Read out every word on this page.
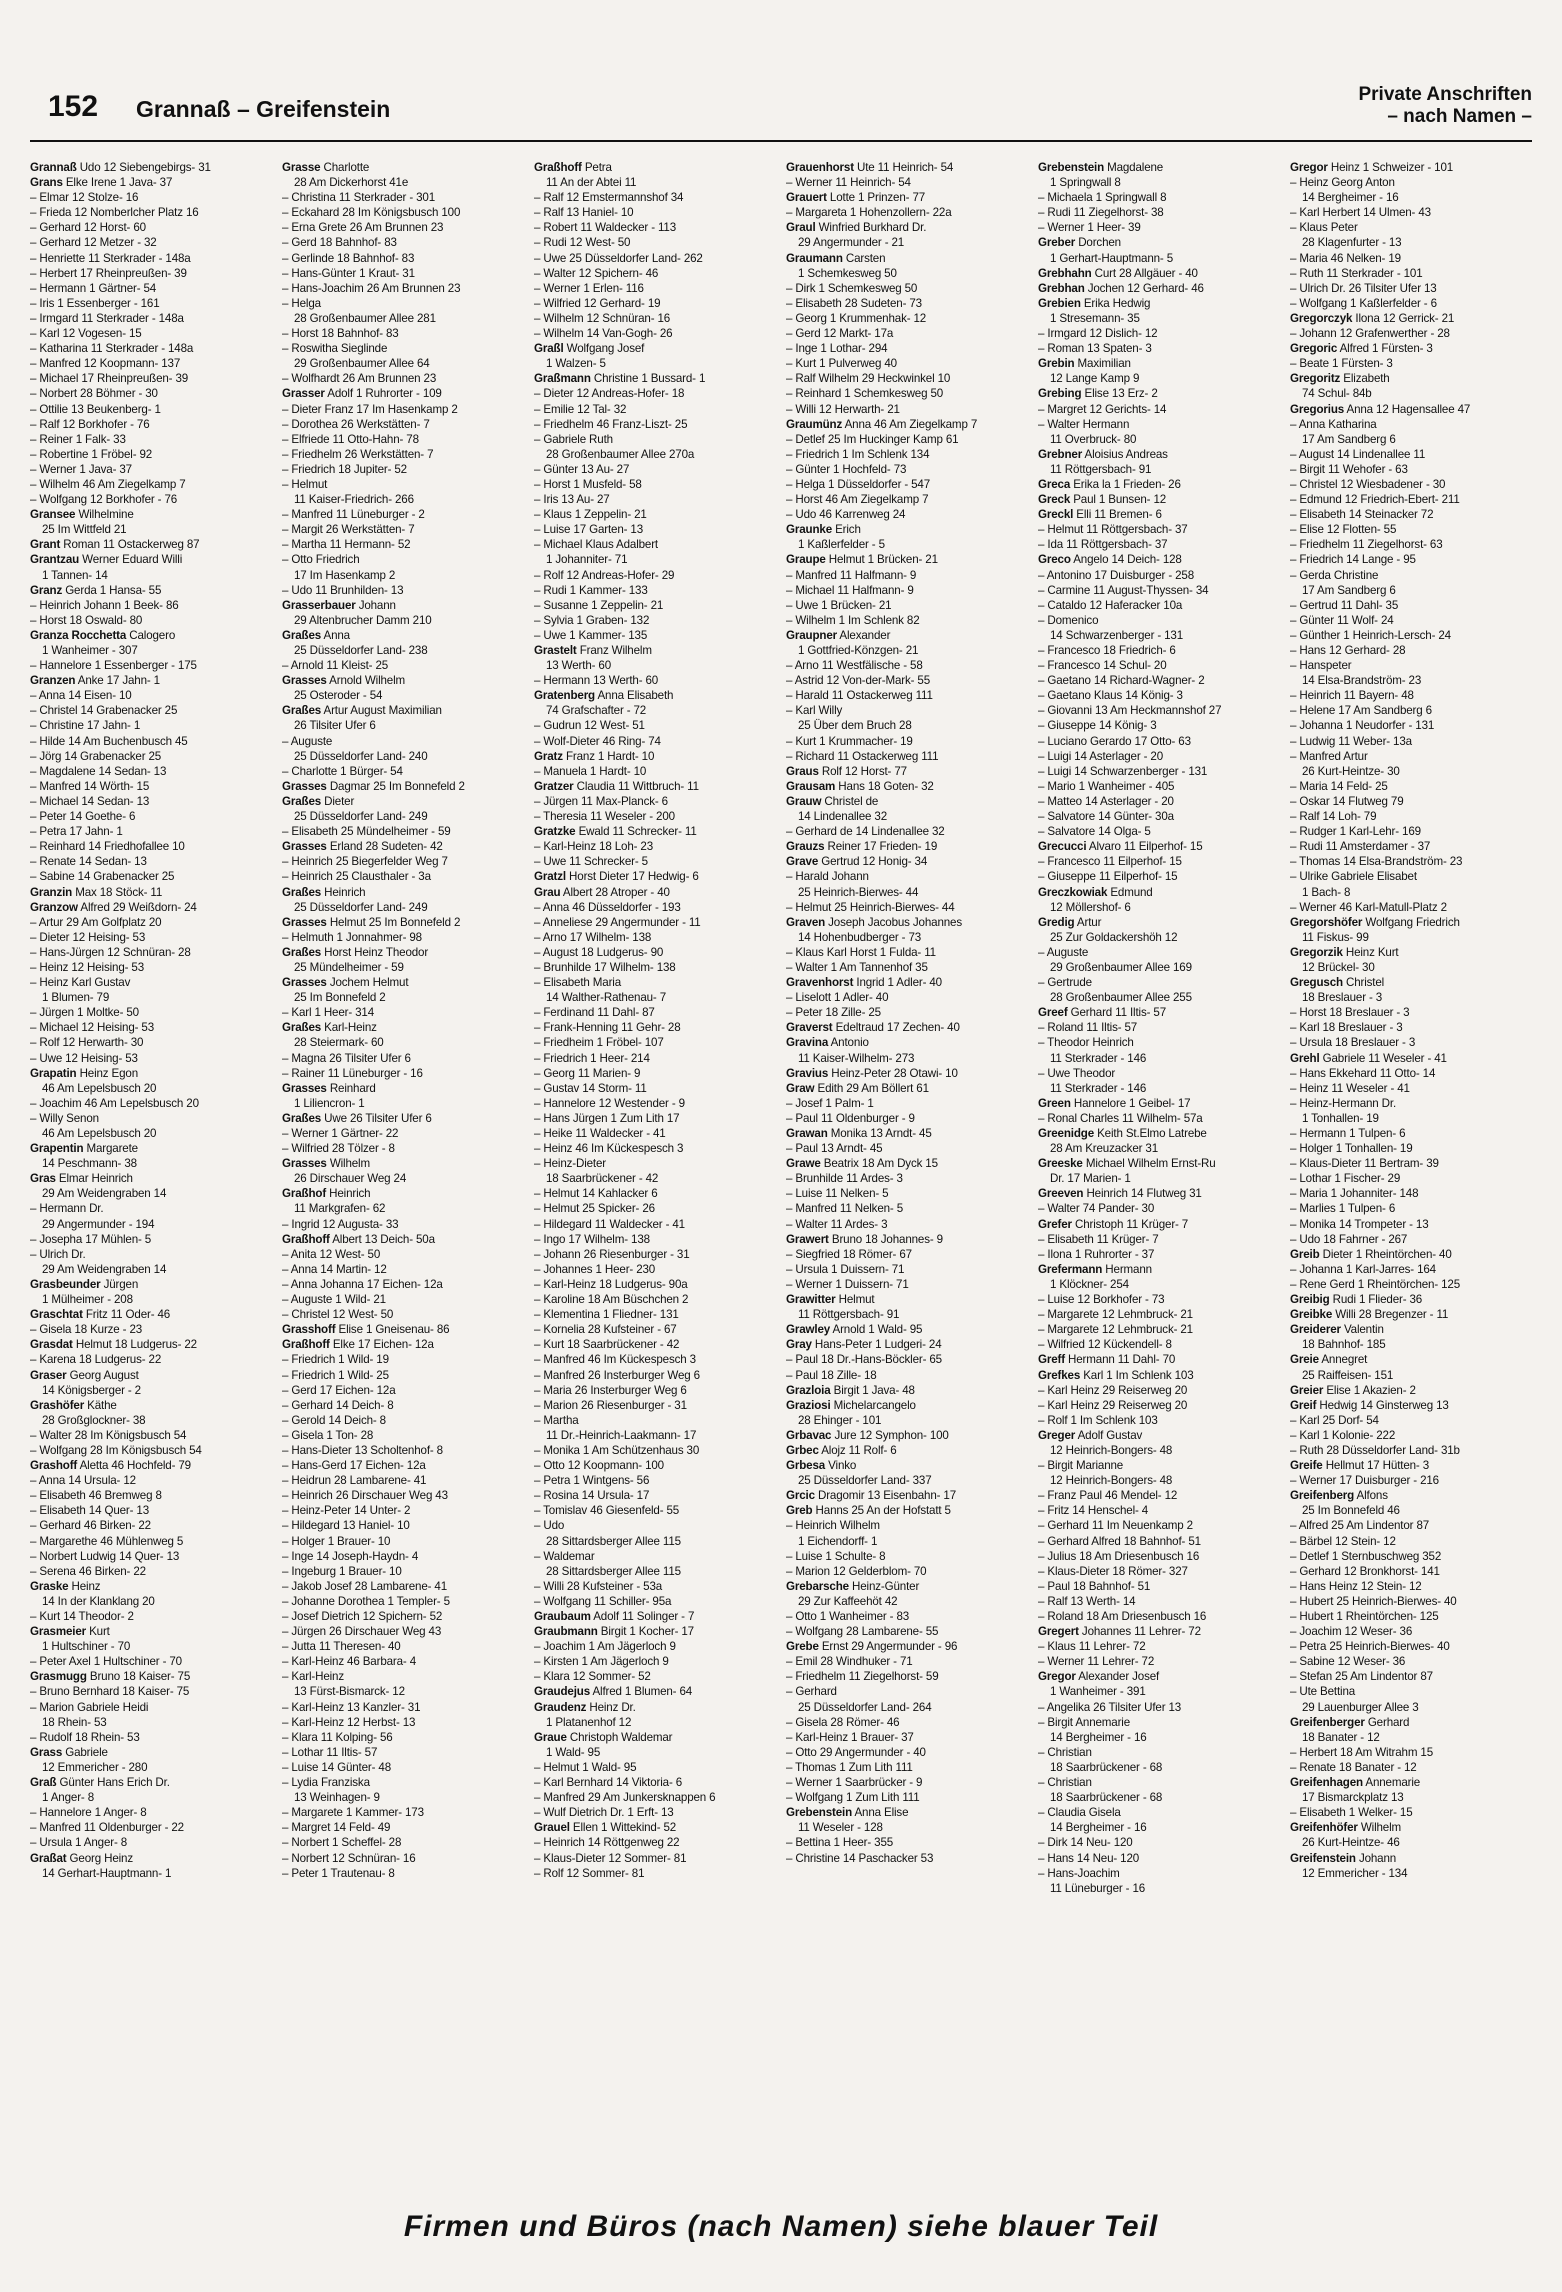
152 Grannaß – Greifenstein
Private Anschriften
– nach Namen –
Grannaß Udo 12 Siebengebirgs- 31
Grans Elke Irene 1 Java- 37
– Elmar 12 Stolze- 16
– Frieda 12 Nomberlcher Platz 16
– Gerhard 12 Horst- 60
– Gerhard 12 Metzer - 32
– Henriette 11 Sterkrader - 148a
– Herbert 17 Rheinpreußen- 39
– Hermann 1 Gärtner- 54
– Iris 1 Essenberger - 161
– Irmgard 11 Sterkrader - 148a
– Karl 12 Vogesen- 15
– Katharina 11 Sterkrader - 148a
– Manfred 12 Koopmann- 137
– Michael 17 Rheinpreußen- 39
– Norbert 28 Böhmer - 30
– Ottilie 13 Beukenberg- 1
– Ralf 12 Borkhofer - 76
– Reiner 1 Falk- 33
– Robertine 1 Fröbel- 92
– Werner 1 Java- 37
– Wilhelm 46 Am Ziegelkamp 7
– Wolfgang 12 Borkhofer - 76
Gransee Wilhelmine
25 Im Wittfeld 21
Grant Roman 11 Ostackerweg 87
Grantzau Werner Eduard Willi
1 Tannen- 14
Granz Gerda 1 Hansa- 55
– Heinrich Johann 1 Beek- 86
– Horst 18 Oswald- 80
Granza Rocchetta Calogero
1 Wanheimer - 307
– Hannelore 1 Essenberger - 175
Granzen Anke 17 Jahn- 1
– Anna 14 Eisen- 10
– Christel 14 Grabenacker 25
– Christine 17 Jahn- 1
– Hilde 14 Am Buchenbusch 45
– Jörg 14 Grabenacker 25
– Magdalene 14 Sedan- 13
– Manfred 14 Wörth- 15
– Michael 14 Sedan- 13
– Peter 14 Goethe- 6
– Petra 17 Jahn- 1
– Reinhard 14 Friedhofallee 10
– Renate 14 Sedan- 13
– Sabine 14 Grabenacker 25
Granzin Max 18 Stöck- 11
Granzow Alfred 29 Weißdorn- 24
– Artur 29 Am Golfplatz 20
– Dieter 12 Heising- 53
– Hans-Jürgen 12 Schnüran- 28
– Heinz 12 Heising- 53
– Heinz Karl Gustav
1 Blumen- 79
– Jürgen 1 Moltke- 50
– Michael 12 Heising- 53
– Rolf 12 Herwarth- 30
– Uwe 12 Heising- 53
Grapatin Heinz Egon
46 Am Lepelsbusch 20
– Joachim 46 Am Lepelsbusch 20
– Willy Senon
46 Am Lepelsbusch 20
Grapentin Margarete
14 Peschmann- 38
Gras Elmar Heinrich
29 Am Weidengraben 14
– Hermann Dr.
29 Angermunder - 194
– Josepha 17 Mühlen- 5
– Ulrich Dr.
29 Am Weidengraben 14
Grasbeunder Jürgen
1 Mülheimer - 208
Graschtat Fritz 11 Oder- 46
– Gisela 18 Kurze - 23
Grasdat Helmut 18 Ludgerus- 22
– Karena 18 Ludgerus- 22
Graser Georg August
14 Königsberger - 2
Grashöfer Käthe
28 Großglockner- 38
– Walter 28 Im Königsbusch 54
– Wolfgang 28 Im Königsbusch 54
Grashoff Aletta 46 Hochfeld- 79
– Anna 14 Ursula- 12
– Elisabeth 46 Bremweg 8
– Elisabeth 14 Quer- 13
– Gerhard 46 Birken- 22
– Margarethe 46 Mühlenweg 5
– Norbert Ludwig 14 Quer- 13
– Serena 46 Birken- 22
Graske Heinz
14 In der Klanklang 20
– Kurt 14 Theodor- 2
Grasmeier Kurt
1 Hultschiner - 70
– Peter Axel 1 Hultschiner - 70
Grasmugg Bruno 18 Kaiser- 75
– Bruno Bernhard 18 Kaiser- 75
– Marion Gabriele Heidi
18 Rhein- 53
– Rudolf 18 Rhein- 53
Grass Gabriele
12 Emmericher - 280
Graß Günter Hans Erich Dr.
1 Anger- 8
– Hannelore 1 Anger- 8
– Manfred 11 Oldenburger - 22
– Ursula 1 Anger- 8
Graßat Georg Heinz
14 Gerhart-Hauptmann- 1
Grasse Charlotte
28 Am Dickerhorst 41e
– Christina 11 Sterkrader - 301
– Eckahard 28 Im Königsbusch 100
– Erna Grete 26 Am Brunnen 23
– Gerd 18 Bahnhof- 83
– Gerlinde 18 Bahnhof- 83
– Hans-Günter 1 Kraut- 31
– Hans-Joachim 26 Am Brunnen 23
– Helga
28 Großenbaumer Allee 281
– Horst 18 Bahnhof- 83
– Roswitha Sieglinde
29 Großenbaumer Allee 64
– Wolfhardt 26 Am Brunnen 23
Grasser Adolf 1 Ruhrorter - 109
– Dieter Franz 17 Im Hasenkamp 2
– Dorothea 26 Werkstätten- 7
– Elfriede 11 Otto-Hahn- 78
– Friedhelm 26 Werkstätten- 7
– Friedrich 18 Jupiter- 52
– Helmut
11 Kaiser-Friedrich- 266
– Manfred 11 Lüneburger - 2
– Margit 26 Werkstätten- 7
– Martha 11 Hermann- 52
– Otto Friedrich
17 Im Hasenkamp 2
– Udo 11 Brunhilden- 13
Grasserbauer Johann
29 Altenbrucher Damm 210
Graßes Anna
25 Düsseldorfer Land- 238
– Arnold 11 Kleist- 25
Grasses Arnold Wilhelm
25 Osteroder - 54
Graßes Artur August Maximilian
26 Tilsiter Ufer 6
– Auguste
25 Düsseldorfer Land- 240
– Charlotte 1 Bürger- 54
Grasses Dagmar 25 Im Bonnefeld 2
Graßes Dieter
25 Düsseldorfer Land- 249
– Elisabeth 25 Mündelheimer - 59
Grasses Erland 28 Sudeten- 42
– Heinrich 25 Biegerfelder Weg 7
– Heinrich 25 Clausthaler - 3a
Graßes Heinrich
25 Düsseldorfer Land- 249
Grasses Helmut 25 Im Bonnefeld 2
– Helmuth 1 Jonnahmer- 98
Graßes Horst Heinz Theodor
25 Mündelheimer - 59
Grasses Jochem Helmut
25 Im Bonnefeld 2
– Karl 1 Heer- 314
Graßes Karl-Heinz
28 Steiermark- 60
– Magna 26 Tilsiter Ufer 6
– Rainer 11 Lüneburger - 16
Grasses Reinhard
1 Liliencron- 1
Graßes Uwe 26 Tilsiter Ufer 6
– Werner 1 Gärtner- 22
– Wilfried 28 Tölzer - 8
Grasses Wilhelm
26 Dirschauer Weg 24
Graßhof Heinrich
11 Markgrafen- 62
– Ingrid 12 Augusta- 33
Graßhoff Albert 13 Deich- 50a
– Anita 12 West- 50
– Anna 14 Martin- 12
– Anna Johanna 17 Eichen- 12a
– Auguste 1 Wild- 21
– Christel 12 West- 50
Grasshoff Elise 1 Gneisenau- 86
Graßhoff Elke 17 Eichen- 12a
– Friedrich 1 Wild- 19
– Friedrich 1 Wild- 25
– Gerd 17 Eichen- 12a
– Gerhard 14 Deich- 8
– Gerold 14 Deich- 8
– Gisela 1 Ton- 28
– Hans-Dieter 13 Scholtenhof- 8
– Hans-Gerd 17 Eichen- 12a
– Heidrun 28 Lambarene- 41
– Heinrich 26 Dirschauer Weg 43
– Heinz-Peter 14 Unter- 2
– Hildegard 13 Haniel- 10
– Holger 1 Brauer- 10
– Inge 14 Joseph-Haydn- 4
– Ingeburg 1 Brauer- 10
– Jakob Josef 28 Lambarene- 41
– Johanne Dorothea 1 Templer- 5
– Josef Dietrich 12 Spichern- 52
– Jürgen 26 Dirschauer Weg 43
– Jutta 11 Theresen- 40
– Karl-Heinz 46 Barbara- 4
– Karl-Heinz
13 Fürst-Bismarck- 12
– Karl-Heinz 13 Kanzler- 31
– Karl-Heinz 12 Herbst- 13
– Klara 11 Kolping- 56
– Lothar 11 Iltis- 57
– Luise 14 Günter- 48
– Lydia Franziska
13 Weinhagen- 9
– Margarete 1 Kammer- 173
– Margret 14 Feld- 49
– Norbert 1 Scheffel- 28
– Norbert 12 Schnüran- 16
– Peter 1 Trautenau- 8
Graßhoff Petra
11 An der Abtei 11
– Ralf 12 Emstermannshof 34
– Ralf 13 Haniel- 10
– Robert 11 Waldecker - 113
– Rudi 12 West- 50
– Uwe 25 Düsseldorfer Land- 262
– Walter 12 Spichern- 46
– Werner 1 Erlen- 116
– Wilfried 12 Gerhard- 19
– Wilhelm 12 Schnüran- 16
– Wilhelm 14 Van-Gogh- 26
Graßl Wolfgang Josef
1 Walzen- 5
Graßmann Christine 1 Bussard- 1
– Dieter 12 Andreas-Hofer- 18
– Emilie 12 Tal- 32
– Friedhelm 46 Franz-Liszt- 25
– Gabriele Ruth
28 Großenbaumer Allee 270a
– Günter 13 Au- 27
– Horst 1 Musfeld- 58
– Iris 13 Au- 27
– Klaus 1 Zeppelin- 21
– Luise 17 Garten- 13
– Michael Klaus Adalbert
1 Johanniter- 71
– Rolf 12 Andreas-Hofer- 29
– Rudi 1 Kammer- 133
– Susanne 1 Zeppelin- 21
– Sylvia 1 Graben- 132
– Uwe 1 Kammer- 135
Grastelt Franz Wilhelm
13 Werth- 60
– Hermann 13 Werth- 60
Gratenberg Anna Elisabeth
74 Grafschafter - 72
– Gudrun 12 West- 51
– Wolf-Dieter 46 Ring- 74
Gratz Franz 1 Hardt- 10
– Manuela 1 Hardt- 10
Gratzer Claudia 11 Wittbruch- 11
– Jürgen 11 Max-Planck- 6
– Theresia 11 Weseler - 200
Gratzke Ewald 11 Schrecker- 11
– Karl-Heinz 18 Loh- 23
– Uwe 11 Schrecker- 5
Gratzl Horst Dieter 17 Hedwig- 6
Grau Albert 28 Atroper - 40
– Anna 46 Düsseldorfer - 193
– Anneliese 29 Angermunder - 11
– Arno 17 Wilhelm- 138
– August 18 Ludgerus- 90
– Brunhilde 17 Wilhelm- 138
– Elisabeth Maria
14 Walther-Rathenau- 7
– Ferdinand 11 Dahl- 87
– Frank-Henning 11 Gehr- 28
– Friedheim 1 Fröbel- 107
– Friedrich 1 Heer- 214
– Georg 11 Marien- 9
– Gustav 14 Storm- 11
– Hannelore 12 Westender - 9
– Hans Jürgen 1 Zum Lith 17
– Heike 11 Waldecker - 41
– Heinz 46 Im Kückespesch 3
– Heinz-Dieter
18 Saarbrückener - 42
– Helmut 14 Kahlacker 6
– Helmut 25 Spicker- 26
– Hildegard 11 Waldecker - 41
– Ingo 17 Wilhelm- 138
– Johann 26 Riesenburger - 31
– Johannes 1 Heer- 230
– Karl-Heinz 18 Ludgerus- 90a
– Karoline 18 Am Büschchen 2
– Klementina 1 Fliedner- 131
– Kornelia 28 Kufsteiner - 67
– Kurt 18 Saarbrückener - 42
– Manfred 46 Im Kückespesch 3
– Manfred 26 Insterburger Weg 6
– Maria 26 Insterburger Weg 6
– Marion 26 Riesenburger - 31
– Martha
11 Dr.-Heinrich-Laakmann- 17
– Monika 1 Am Schützenhaus 30
– Otto 12 Koopmann- 100
– Petra 1 Wintgens- 56
– Rosina 14 Ursula- 17
– Tomislav 46 Giesenfeld- 55
– Udo
28 Sittardsberger Allee 115
– Waldemar
28 Sittardsberger Allee 115
– Willi 28 Kufsteiner - 53a
– Wolfgang 11 Schiller- 95a
Graubaum Adolf 11 Solinger - 7
Graubmann Birgit 1 Kocher- 17
– Joachim 1 Am Jägerloch 9
– Kirsten 1 Am Jägerloch 9
– Klara 12 Sommer- 52
Graudejus Alfred 1 Blumen- 64
Graudenz Heinz Dr.
1 Platanenhof 12
Graue Christoph Waldemar
1 Wald- 95
– Helmut 1 Wald- 95
– Karl Bernhard 14 Viktoria- 6
– Manfred 29 Am Junkersknappen 6
– Wulf Dietrich Dr. 1 Erft- 13
Grauel Ellen 1 Wittekind- 52
– Heinrich 14 Röttgenweg 22
– Klaus-Dieter 12 Sommer- 81
– Rolf 12 Sommer- 81
Grauenhorst Ute 11 Heinrich- 54
– Werner 11 Heinrich- 54
Grauert Lotte 1 Prinzen- 77
– Margareta 1 Hohenzollern- 22a
Graul Winfried Burkhard Dr.
29 Angermunder - 21
Graumann Carsten
1 Schemkesweg 50
– Dirk 1 Schemkesweg 50
– Elisabeth 28 Sudeten- 73
– Georg 1 Krummenhak- 12
– Gerd 12 Markt- 17a
– Inge 1 Lothar- 294
– Kurt 1 Pulverweg 40
– Ralf Wilhelm 29 Heckwinkel 10
– Reinhard 1 Schemkesweg 50
– Willi 12 Herwarth- 21
Graumünz Anna 46 Am Ziegelkamp 7
– Detlef 25 Im Huckinger Kamp 61
– Friedrich 1 Im Schlenk 134
– Günter 1 Hochfeld- 73
– Helga 1 Düsseldorfer - 547
– Horst 46 Am Ziegelkamp 7
– Udo 46 Karrenweg 24
Graunke Erich
1 Kaßlerfelder - 5
Graupe Helmut 1 Brücken- 21
– Manfred 11 Halfmann- 9
– Michael 11 Halfmann- 9
– Uwe 1 Brücken- 21
– Wilhelm 1 Im Schlenk 82
Graupner Alexander
1 Gottfried-Könzgen- 21
– Arno 11 Westfälische - 58
– Astrid 12 Von-der-Mark- 55
– Harald 11 Ostackerweg 111
– Karl Willy
25 Über dem Bruch 28
– Kurt 1 Krummacher- 19
– Richard 11 Ostackerweg 111
Graus Rolf 12 Horst- 77
Grausam Hans 18 Goten- 32
Grauw Christel de
14 Lindenallee 32
– Gerhard de 14 Lindenallee 32
Grauzs Reiner 17 Frieden- 19
Grave Gertrud 12 Honig- 34
– Harald Johann
25 Heinrich-Bierwes- 44
– Helmut 25 Heinrich-Bierwes- 44
Graven Joseph Jacobus Johannes
14 Hohenbudberger - 73
– Klaus Karl Horst 1 Fulda- 11
– Walter 1 Am Tannenhof 35
Gravenhorst Ingrid 1 Adler- 40
– Liselott 1 Adler- 40
– Peter 18 Zille- 25
Graverst Edeltraud 17 Zechen- 40
Gravina Antonio
11 Kaiser-Wilhelm- 273
Gravius Heinz-Peter 28 Otawi- 10
Graw Edith 29 Am Böllert 61
– Josef 1 Palm- 1
– Paul 11 Oldenburger - 9
Grawan Monika 13 Arndt- 45
– Paul 13 Arndt- 45
Grawe Beatrix 18 Am Dyck 15
– Brunhilde 11 Ardes- 3
– Luise 11 Nelken- 5
– Manfred 11 Nelken- 5
– Walter 11 Ardes- 3
Grawert Bruno 18 Johannes- 9
– Siegfried 18 Römer- 67
– Ursula 1 Duissern- 71
– Werner 1 Duissern- 71
Grawitter Helmut
11 Röttgersbach- 91
Grawley Arnold 1 Wald- 95
Gray Hans-Peter 1 Ludgeri- 24
– Paul 18 Dr.-Hans-Böckler- 65
– Paul 18 Zille- 18
Grazloia Birgit 1 Java- 48
Graziosi Michelarcangelo
28 Ehinger - 101
Grbavac Jure 12 Symphon- 100
Grbec Alojz 11 Rolf- 6
Grbesa Vinko
25 Düsseldorfer Land- 337
Grcic Dragomir 13 Eisenbahn- 17
Greb Hanns 25 An der Hofstatt 5
– Heinrich Wilhelm
1 Eichendorff- 1
– Luise 1 Schulte- 8
– Marion 12 Gelderblom- 70
Grebarsche Heinz-Günter
29 Zur Kaffeehöt 42
– Otto 1 Wanheimer - 83
– Wolfgang 28 Lambarene- 55
Grebe Ernst 29 Angermunder - 96
– Emil 28 Windhuker - 71
– Friedhelm 11 Ziegelhorst- 59
– Gerhard
25 Düsseldorfer Land- 264
– Gisela 28 Römer- 46
– Karl-Heinz 1 Brauer- 37
– Otto 29 Angermunder - 40
– Thomas 1 Zum Lith 111
– Werner 1 Saarbrücker - 9
– Wolfgang 1 Zum Lith 111
Grebenstein Anna Elise
11 Weseler - 128
– Bettina 1 Heer- 355
– Christine 14 Paschacker 53
Grebenstein Magdalene
1 Springwall 8
– Michaela 1 Springwall 8
– Rudi 11 Ziegelhorst- 38
– Werner 1 Heer- 39
Greber Dorchen
1 Gerhart-Hauptmann- 5
Grebhahn Curt 28 Allgäuer - 40
Grebhan Jochen 12 Gerhard- 46
Grebien Erika Hedwig
1 Stresemann- 35
– Irmgard 12 Dislich- 12
– Roman 13 Spaten- 3
Grebin Maximilian
12 Lange Kamp 9
Grebing Elise 13 Erz- 2
– Margret 12 Gerichts- 14
– Walter Hermann
11 Overbruck- 80
Grebner Aloisius Andreas
11 Röttgersbach- 91
Greca Erika la 1 Frieden- 26
Greck Paul 1 Bunsen- 12
Greckl Elli 11 Bremen- 6
– Helmut 11 Röttgersbach- 37
– Ida 11 Röttgersbach- 37
Greco Angelo 14 Deich- 128
– Antonino 17 Duisburger - 258
– Carmine 11 August-Thyssen- 34
– Cataldo 12 Haferacker 10a
– Domenico
14 Schwarzenberger - 131
– Francesco 18 Friedrich- 6
– Francesco 14 Schul- 20
– Gaetano 14 Richard-Wagner- 2
– Gaetano Klaus 14 König- 3
– Giovanni 13 Am Heckmannshof 27
– Giuseppe 14 König- 3
– Luciano Gerardo 17 Otto- 63
– Luigi 14 Asterlager - 20
– Luigi 14 Schwarzenberger - 131
– Mario 1 Wanheimer - 405
– Matteo 14 Asterlager - 20
– Salvatore 14 Günter- 30a
– Salvatore 14 Olga- 5
Grecucci Alvaro 11 Eilperhof- 15
– Francesco 11 Eilperhof- 15
– Giuseppe 11 Eilperhof- 15
Greczkowiak Edmund
12 Möllershof- 6
Gredig Artur
25 Zur Goldackershöh 12
– Auguste
29 Großenbaumer Allee 169
– Gertrude
28 Großenbaumer Allee 255
Greef Gerhard 11 Iltis- 57
– Roland 11 Iltis- 57
– Theodor Heinrich
11 Sterkrader - 146
– Uwe Theodor
11 Sterkrader - 146
Green Hannelore 1 Geibel- 17
– Ronal Charles 11 Wilhelm- 57a
Greenidge Keith St.Elmo Latrebe
28 Am Kreuzacker 31
Greeske Michael Wilhelm Ernst-Ru
Dr. 17 Marien- 1
Greeven Heinrich 14 Flutweg 31
– Walter 74 Pander- 30
Grefer Christoph 11 Krüger- 7
– Elisabeth 11 Krüger- 7
– Ilona 1 Ruhrorter - 37
Grefermann Hermann
1 Klöckner- 254
– Luise 12 Borkhofer - 73
– Margarete 12 Lehmbruck- 21
– Margarete 12 Lehmbruck- 21
– Wilfried 12 Kückendell- 8
Greff Hermann 11 Dahl- 70
Grefkes Karl 1 Im Schlenk 103
– Karl Heinz 29 Reiserweg 20
– Karl Heinz 29 Reiserweg 20
– Rolf 1 Im Schlenk 103
Greger Adolf Gustav
12 Heinrich-Bongers- 48
– Birgit Marianne
12 Heinrich-Bongers- 48
– Franz Paul 46 Mendel- 12
– Fritz 14 Henschel- 4
– Gerhard 11 Im Neuenkamp 2
– Gerhard Alfred 18 Bahnhof- 51
– Julius 18 Am Driesenbusch 16
– Klaus-Dieter 18 Römer- 327
– Paul 18 Bahnhof- 51
– Ralf 13 Werth- 14
– Roland 18 Am Driesenbusch 16
Gregert Johannes 11 Lehrer- 72
– Klaus 11 Lehrer- 72
– Werner 11 Lehrer- 72
Gregor Alexander Josef
1 Wanheimer - 391
– Angelika 26 Tilsiter Ufer 13
– Birgit Annemarie
14 Bergheimer - 16
– Christian
18 Saarbrückener - 68
– Christian
18 Saarbrückener - 68
– Claudia Gisela
14 Bergheimer - 16
– Dirk 14 Neu- 120
– Hans 14 Neu- 120
– Hans-Joachim
11 Lüneburger - 16
Gregor Heinz 1 Schweizer - 101
– Heinz Georg Anton
14 Bergheimer - 16
– Karl Herbert 14 Ulmen- 43
– Klaus Peter
28 Klagenfurter - 13
– Maria 46 Nelken- 19
– Ruth 11 Sterkrader - 101
– Ulrich Dr. 26 Tilsiter Ufer 13
– Wolfgang 1 Kaßlerfelder - 6
Gregorczyk Ilona 12 Gerrick- 21
– Johann 12 Grafenwerther - 28
Gregoric Alfred 1 Fürsten- 3
– Beate 1 Fürsten- 3
Gregoritz Elizabeth
74 Schul- 84b
Gregorius Anna 12 Hagensallee 47
– Anna Katharina
17 Am Sandberg 6
– August 14 Lindenallee 11
– Birgit 11 Wehofer - 63
– Christel 12 Wiesbadener - 30
– Edmund 12 Friedrich-Ebert- 211
– Elisabeth 14 Steinacker 72
– Elise 12 Flotten- 55
– Friedhelm 11 Ziegelhorst- 63
– Friedrich 14 Lange - 95
– Gerda Christine
17 Am Sandberg 6
– Gertrud 11 Dahl- 35
– Günter 11 Wolf- 24
– Günther 1 Heinrich-Lersch- 24
– Hans 12 Gerhard- 28
– Hanspeter
14 Elsa-Brandström- 23
– Heinrich 11 Bayern- 48
– Helene 17 Am Sandberg 6
– Johanna 1 Neudorfer - 131
– Ludwig 11 Weber- 13a
– Manfred Artur
26 Kurt-Heintze- 30
– Maria 14 Feld- 25
– Oskar 14 Flutweg 79
– Ralf 14 Loh- 79
– Rudger 1 Karl-Lehr- 169
– Rudi 11 Amsterdamer - 37
– Thomas 14 Elsa-Brandström- 23
– Ulrike Gabriele Elisabet
1 Bach- 8
– Werner 46 Karl-Matull-Platz 2
Gregorshöfer Wolfgang Friedrich
11 Fiskus- 99
Gregorzik Heinz Kurt
12 Brückel- 30
Gregusch Christel
18 Breslauer - 3
– Horst 18 Breslauer - 3
– Karl 18 Breslauer - 3
– Ursula 18 Breslauer - 3
Grehl Gabriele 11 Weseler - 41
– Hans Ekkehard 11 Otto- 14
– Heinz 11 Weseler - 41
– Heinz-Hermann Dr.
1 Tonhallen- 19
– Hermann 1 Tulpen- 6
– Holger 1 Tonhallen- 19
– Klaus-Dieter 11 Bertram- 39
– Lothar 1 Fischer- 29
– Maria 1 Johanniter- 148
– Marlies 1 Tulpen- 6
– Monika 14 Trompeter - 13
– Udo 18 Fahrner - 267
Greib Dieter 1 Rheintörchen- 40
– Johanna 1 Karl-Jarres- 164
– Rene Gerd 1 Rheintörchen- 125
Greibig Rudi 1 Flieder- 36
Greibke Willi 28 Bregenzer - 11
Greiderer Valentin
18 Bahnhof- 185
Greie Annegret
25 Raiffeisen- 151
Greier Elise 1 Akazien- 2
Greif Hedwig 14 Ginsterweg 13
– Karl 25 Dorf- 54
– Karl 1 Kolonie- 222
– Ruth 28 Düsseldorfer Land- 31b
Greife Hellmut 17 Hütten- 3
– Werner 17 Duisburger - 216
Greifenberg Alfons
25 Im Bonnefeld 46
– Alfred 25 Am Lindentor 87
– Bärbel 12 Stein- 12
– Detlef 1 Sternbuschweg 352
– Gerhard 12 Bronkhorst- 141
– Hans Heinz 12 Stein- 12
– Hubert 25 Heinrich-Bierwes- 40
– Hubert 1 Rheintörchen- 125
– Joachim 12 Weser- 36
– Petra 25 Heinrich-Bierwes- 40
– Sabine 12 Weser- 36
– Stefan 25 Am Lindentor 87
– Ute Bettina
29 Lauenburger Allee 3
Greifenberger Gerhard
18 Banater - 12
– Herbert 18 Am Witrahm 15
– Renate 18 Banater - 12
Greifenhagen Annemarie
17 Bismarckplatz 13
– Elisabeth 1 Welker- 15
Greifenhöfer Wilhelm
26 Kurt-Heintze- 46
Greifenstein Johann
12 Emmericher - 134
Firmen und Büros (nach Namen) siehe blauer Teil
